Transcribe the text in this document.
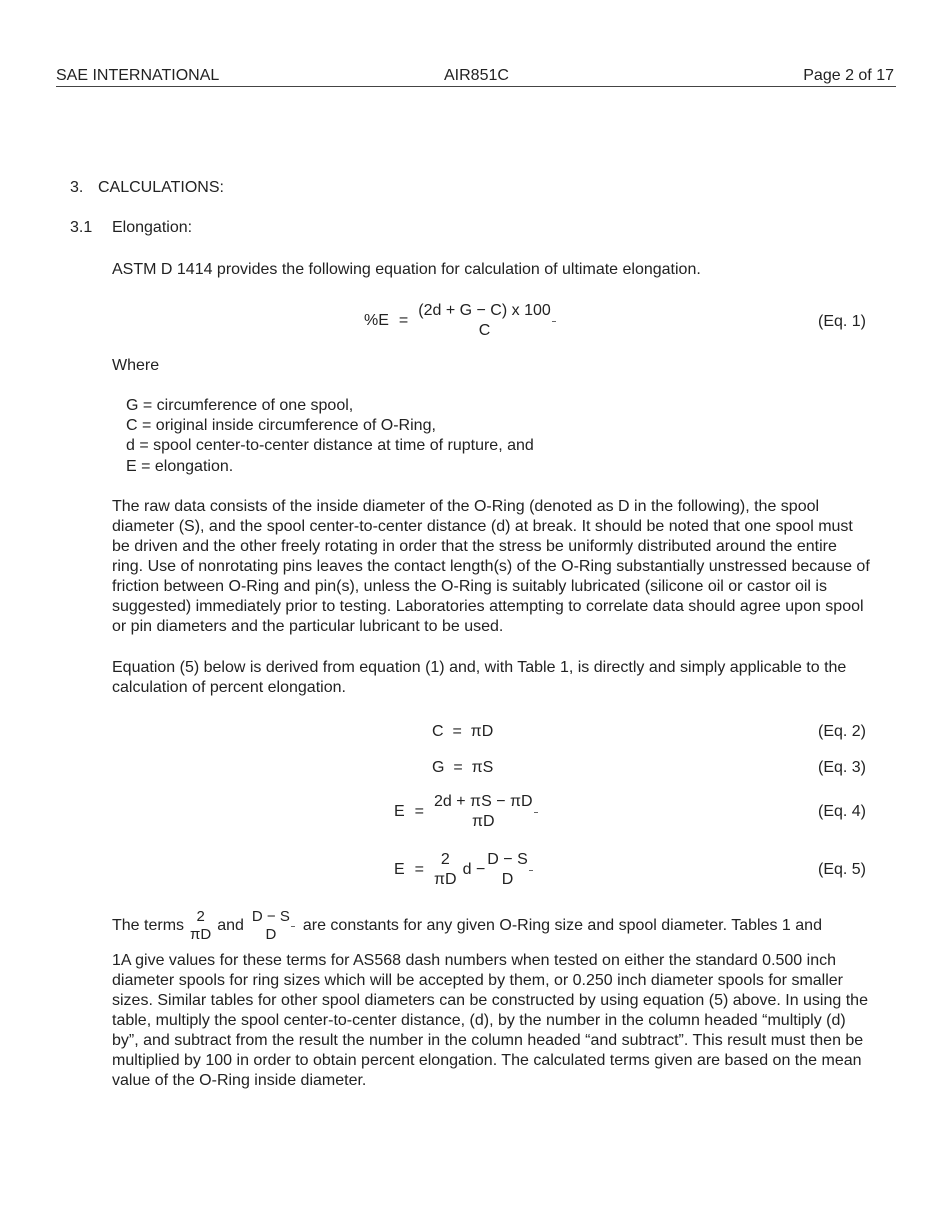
SAE INTERNATIONAL	AIR851C	Page 2 of 17
3. CALCULATIONS:
3.1 Elongation:
ASTM D 1414 provides the following equation for calculation of ultimate elongation.
%E =
(2d + G − C) x 100
C
(Eq. 1)
Where
G = circumference of one spool,
C = original inside circumference of O-Ring,
d = spool center-to-center distance at time of rupture, and
E = elongation.
The raw data consists of the inside diameter of the O-Ring (denoted as D in the following), the spool diameter (S), and the spool center-to-center distance (d) at break. It should be noted that one spool must be driven and the other freely rotating in order that the stress be uniformly distributed around the entire ring. Use of nonrotating pins leaves the contact length(s) of the O-Ring substantially unstressed because of friction between O-Ring and pin(s), unless the O-Ring is suitably lubricated (silicone oil or castor oil is suggested) immediately prior to testing. Laboratories attempting to correlate data should agree upon spool or pin diameters and the particular lubricant to be used.
Equation (5) below is derived from equation (1) and, with Table 1, is directly and simply applicable to the calculation of percent elongation.
C  =  πD	(Eq. 2)
G  =  πS	(Eq. 3)
E =
2d + πS − πD
πD
(Eq. 4)
E =
2
πD
d −
D − S
D
(Eq. 5)
The terms
2
πD
and
D − S
D
are constants for any given O-Ring size and spool diameter. Tables 1 and
1A give values for these terms for AS568 dash numbers when tested on either the standard 0.500 inch diameter spools for ring sizes which will be accepted by them, or 0.250 inch diameter spools for smaller sizes. Similar tables for other spool diameters can be constructed by using equation (5) above. In using the table, multiply the spool center-to-center distance, (d), by the number in the column headed “multiply (d) by”, and subtract from the result the number in the column headed “and subtract”. This result must then be multiplied by 100 in order to obtain percent elongation. The calculated terms given are based on the mean value of the O-Ring inside diameter.
